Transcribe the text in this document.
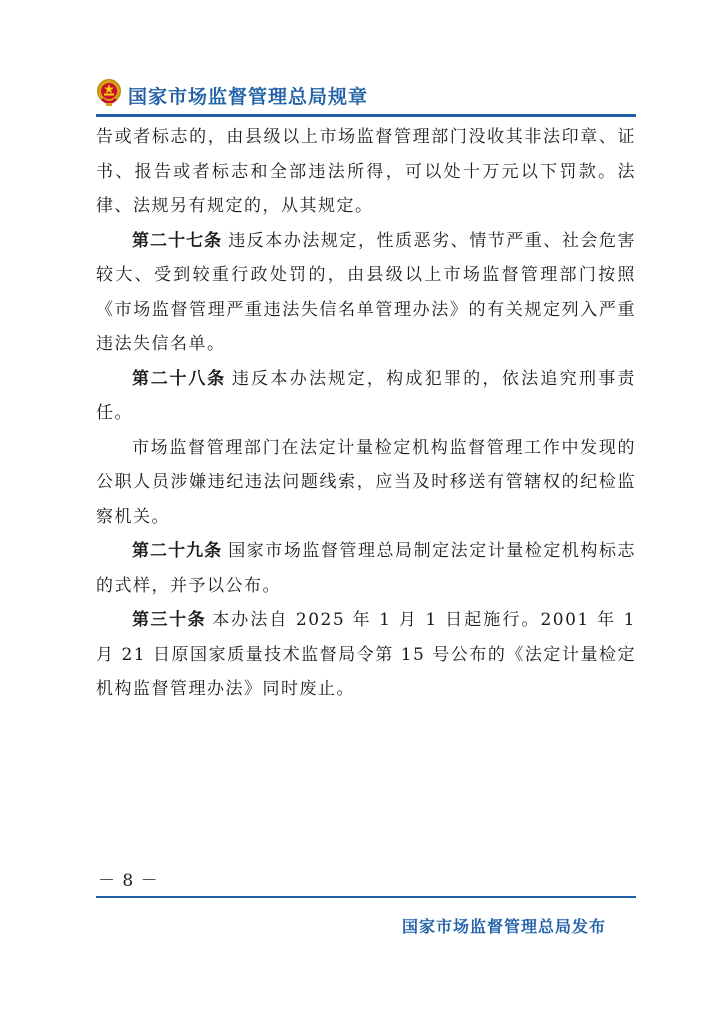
国家市场监督管理总局规章

告或者标志的，由县级以上市场监督管理部门没收其非法印章、证书、报告或者标志和全部违法所得，可以处十万元以下罚款。法律、法规另有规定的，从其规定。

第二十七条 违反本办法规定，性质恶劣、情节严重、社会危害较大、受到较重行政处罚的，由县级以上市场监督管理部门按照《市场监督管理严重违法失信名单管理办法》的有关规定列入严重违法失信名单。

第二十八条 违反本办法规定，构成犯罪的，依法追究刑事责任。

市场监督管理部门在法定计量检定机构监督管理工作中发现的公职人员涉嫌违纪违法问题线索，应当及时移送有管辖权的纪检监察机关。

第二十九条 国家市场监督管理总局制定法定计量检定机构标志的式样，并予以公布。

第三十条 本办法自 2025 年 1 月 1 日起施行。2001 年 1 月 21 日原国家质量技术监督局令第 15 号公布的《法定计量检定机构监督管理办法》同时废止。

－ 8 －
国家市场监督管理总局发布
